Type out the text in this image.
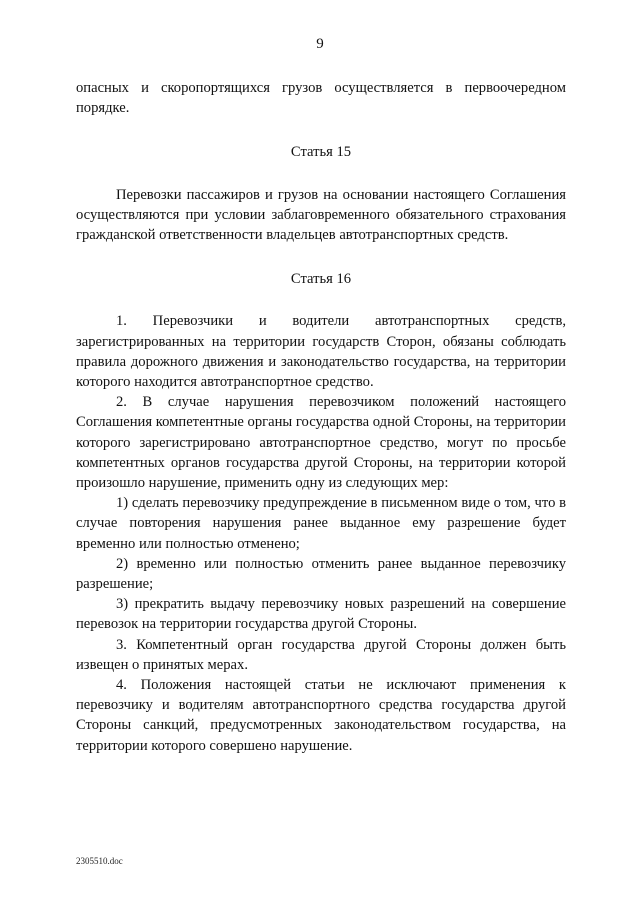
9

опасных и скоропортящихся грузов осуществляется в первоочередном порядке.

Статья 15

Перевозки пассажиров и грузов на основании настоящего Соглашения осуществляются при условии заблаговременного обязательного страхования гражданской ответственности владельцев автотранспортных средств.

Статья 16

1. Перевозчики и водители автотранспортных средств, зарегистрированных на территории государств Сторон, обязаны соблюдать правила дорожного движения и законодательство государства, на территории которого находится автотранспортное средство.

2. В случае нарушения перевозчиком положений настоящего Соглашения компетентные органы государства одной Стороны, на территории которого зарегистрировано автотранспортное средство, могут по просьбе компетентных органов государства другой Стороны, на территории которой произошло нарушение, применить одну из следующих мер:

1) сделать перевозчику предупреждение в письменном виде о том, что в случае повторения нарушения ранее выданное ему разрешение будет временно или полностью отменено;

2) временно или полностью отменить ранее выданное перевозчику разрешение;

3) прекратить выдачу перевозчику новых разрешений на совершение перевозок на территории государства другой Стороны.

3. Компетентный орган государства другой Стороны должен быть извещен о принятых мерах.

4. Положения настоящей статьи не исключают применения к перевозчику и водителям автотранспортного средства государства другой Стороны санкций, предусмотренных законодательством государства, на территории которого совершено нарушение.

2305510.doc
